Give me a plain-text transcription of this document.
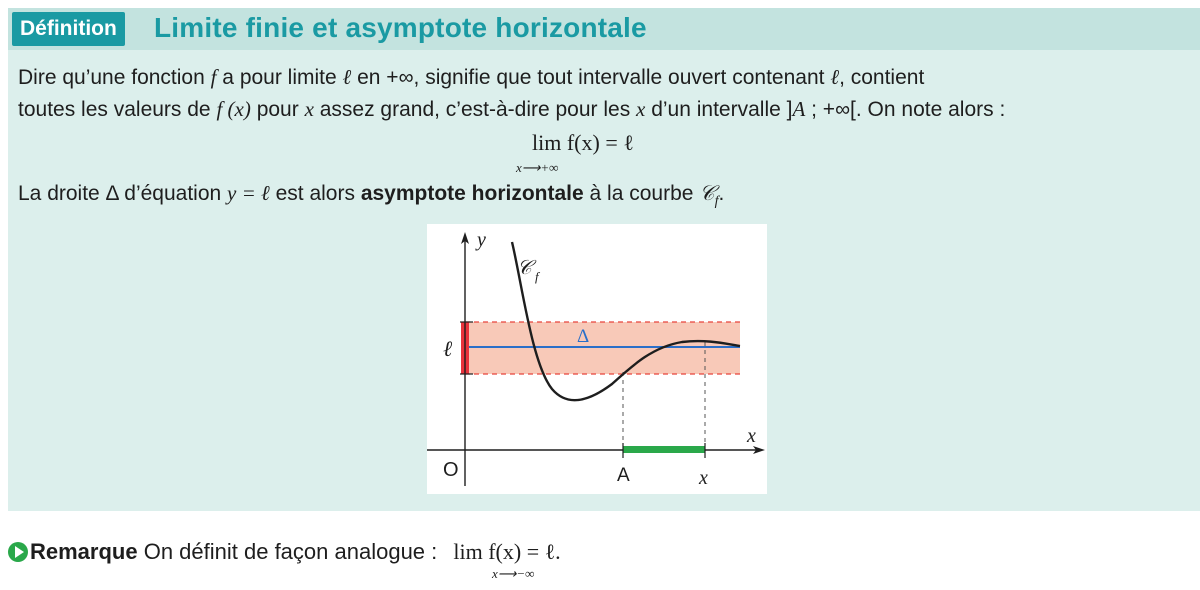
Définition Limite finie et asymptote horizontale
Dire qu’une fonction f a pour limite ℓ en +∞, signifie que tout intervalle ouvert contenant ℓ, contient
toutes les valeurs de f (x) pour x assez grand, c’est-à-dire pour les x d’un intervalle ]A ; +∞[. On note alors :
lim f(x) = ℓ
x⟶+∞
La droite Δ d’équation y = ℓ est alors asymptote horizontale à la courbe 𝒞$_f$.
y
𝒞 f
Δ
ℓ
O	A	x
x
Remarque On définit de façon analogue : lim f(x) = ℓ.
x⟶−∞
